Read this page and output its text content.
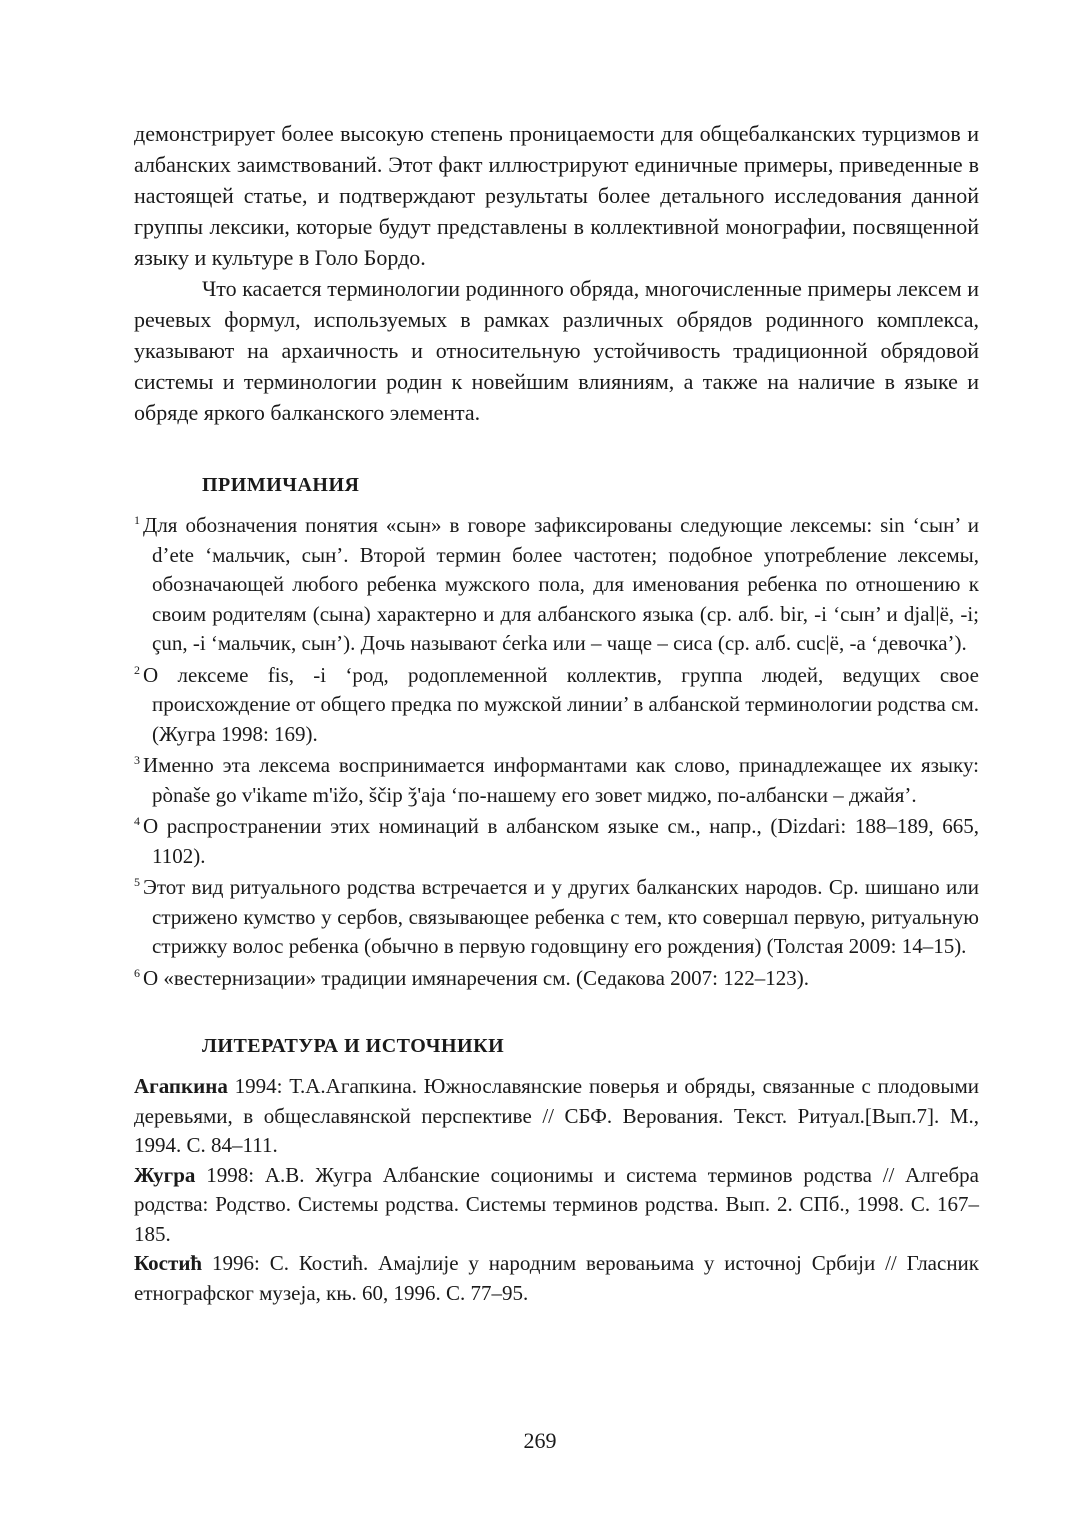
демонстрирует более высокую степень проницаемости для общебалканских турцизмов и албанских заимствований. Этот факт иллюстрируют единичные примеры, приведенные в настоящей статье, и подтверждают результаты более детального исследования данной группы лексики, которые будут представлены в коллективной монографии, посвященной языку и культуре в Голо Бордо.

Что касается терминологии родинного обряда, многочисленные примеры лексем и речевых формул, используемых в рамках различных обрядов родинного комплекса, указывают на архаичность и относительную устойчивость традиционной обрядовой системы и терминологии родин к новейшим влияниям, а также на наличие в языке и обряде яркого балканского элемента.

ПРИМИЧАНИЯ
$^1$ Для обозначения понятия «сын» в говоре зафиксированы следующие лексемы: sin ‘сын’ и d’ete ‘мальчик, сын’. Второй термин более частотен; подобное употребление лексемы, обозначающей любого ребенка мужского пола, для именования ребенка по отношению к своим родителям (сына) характерно и для албанского языка (ср. алб. bir, -i ‘сын’ и djal|ë, -i; çun, -i ‘мальчик, сын’). Дочь называют ćerka или – чаще – cиса (ср. алб. cuc|ë, -a ‘девочка’).
$^2$ О лексеме fis, -i ‘род, родоплеменной коллектив, группа людей, ведущих свое происхождение от общего предка по мужской линии’ в албанской терминологии родства см. (Жугра 1998: 169).
$^3$ Именно эта лексема воспринимается информантами как слово, принадлежащее их языку: pònaše go v'ikame m'ižo, ščip ǯ'aja ‘по-нашему его зовет миджо, по-албански – джайя’.
$^4$ О распространении этих номинаций в албанском языке см., напр., (Dizdari: 188–189, 665, 1102).
$^5$ Этот вид ритуального родства встречается и у других балканских народов. Ср. шишано или стрижено кумство у сербов, связывающее ребенка с тем, кто совершал первую, ритуальную стрижку волос ребенка (обычно в первую годовщину его рождения) (Толстая 2009: 14–15).
$^6$ О «вестернизации» традиции имянаречения см. (Седакова 2007: 122–123).
ЛИТЕРАТУРА И ИСТОЧНИКИ

Агапкина 1994: Т.А.Агапкина. Южнославянские поверья и обряды, связанные с плодовыми деревьями, в общеславянской перспективе // СБФ. Верования. Текст. Ритуал.[Вып.7]. М., 1994. С. 84–111.

Жугра 1998: А.В. Жугра Албанские соционимы и система терминов родства // Алгебра родства: Родство. Системы родства. Системы терминов родства. Вып. 2. СПб., 1998. С. 167–185.

Костић 1996: С. Костић. Амајлије у народним веровањима у источној Србији // Гласник етнографског музеја, књ. 60, 1996. С. 77–95.

269
